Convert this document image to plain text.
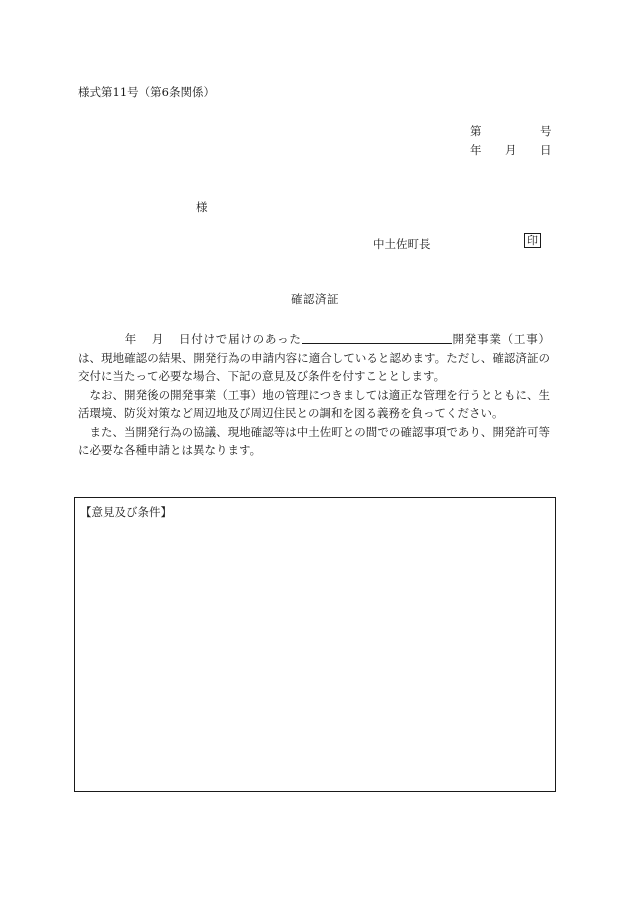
様式第11号（第6条関係）
第	号
年 月 日
様
中土佐町長	印
確認済証

年 月 日付けで届けのあった	開発事業（工事）は、現地確認の結果、開発行為の申請内容に適合していると認めます。ただし、確認済証の交付に当たって必要な場合、下記の意見及び条件を付すこととします。

なお、開発後の開発事業（工事）地の管理につきましては適正な管理を行うとともに、生活環境、防災対策など周辺地及び周辺住民との調和を図る義務を負ってください。

また、当開発行為の協議、現地確認等は中土佐町との間での確認事項であり、開発許可等に必要な各種申請とは異なります。

【意見及び条件】
